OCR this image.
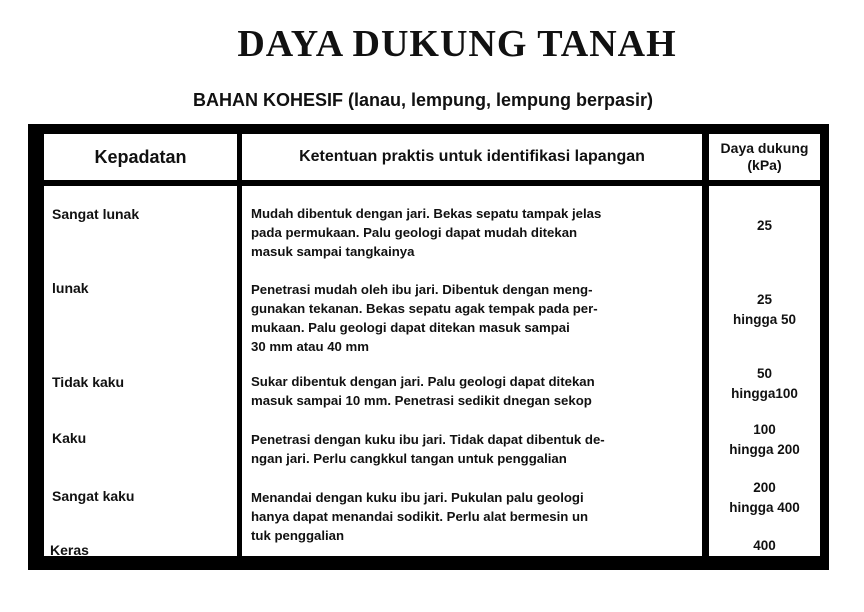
DAYA DUKUNG TANAH
BAHAN KOHESIF (lanau, lempung, lempung berpasir)
Kepadatan	Ketentuan praktis untuk identifikasi lapangan	Daya dukung
(kPa)
Sangat lunak
lunak
Tidak kaku
Kaku
Sangat kaku
Keras
Mudah dibentuk dengan jari. Bekas sepatu tampak jelas
pada permukaan. Palu geologi dapat mudah ditekan
masuk sampai tangkainya
Penetrasi mudah oleh ibu jari. Dibentuk dengan meng-
gunakan tekanan. Bekas sepatu agak tempak pada per-
mukaan. Palu geologi dapat ditekan masuk sampai
30 mm atau 40 mm
Sukar dibentuk dengan jari. Palu geologi dapat ditekan
masuk sampai 10 mm. Penetrasi sedikit dnegan sekop
Penetrasi dengan kuku ibu jari. Tidak dapat dibentuk de-
ngan jari. Perlu cangkkul tangan untuk penggalian
Menandai dengan kuku ibu jari. Pukulan palu geologi
hanya dapat menandai sodikit. Perlu alat bermesin un
tuk penggalian
25
25
hingga 50
50
hingga100
100
hingga 200
200
hingga 400
400
